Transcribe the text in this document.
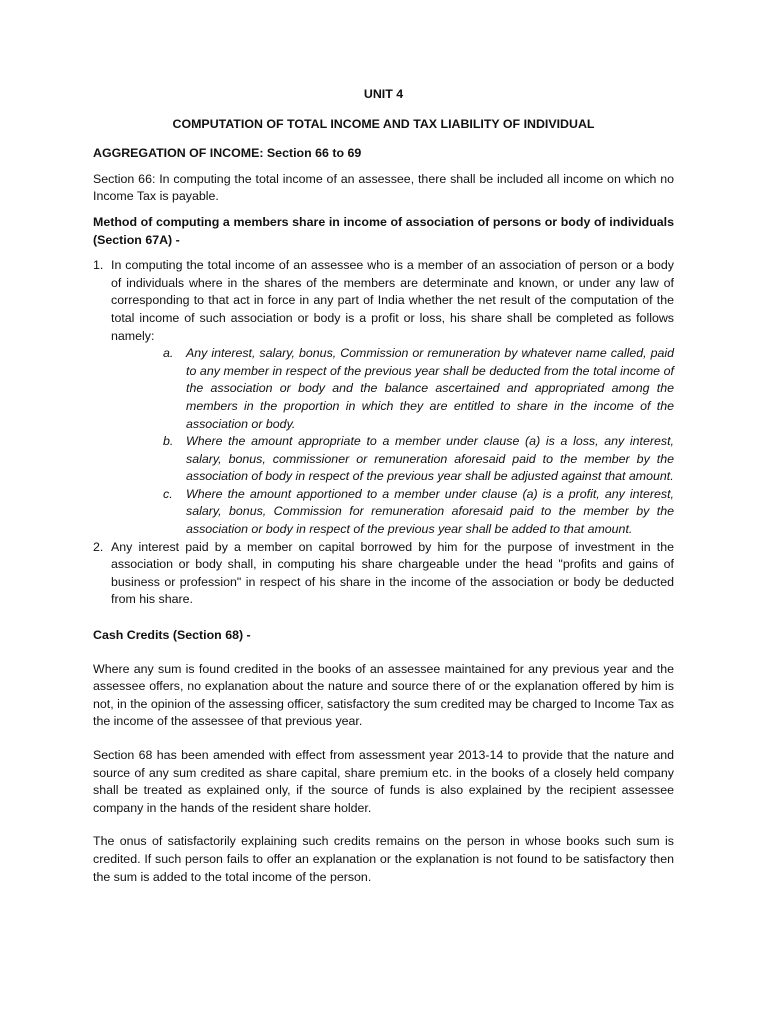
UNIT 4
COMPUTATION OF TOTAL INCOME AND TAX LIABILITY OF INDIVIDUAL
AGGREGATION OF INCOME: Section 66 to 69
Section 66: In computing the total income of an assessee, there shall be included all income on which no Income Tax is payable.
Method of computing a members share in income of association of persons or body of individuals (Section 67A) -
1. In computing the total income of an assessee who is a member of an association of person or a body of individuals where in the shares of the members are determinate and known, or under any law of corresponding to that act in force in any part of India whether the net result of the computation of the total income of such association or body is a profit or loss, his share shall be completed as follows namely:
a. Any interest, salary, bonus, Commission or remuneration by whatever name called, paid to any member in respect of the previous year shall be deducted from the total income of the association or body and the balance ascertained and appropriated among the members in the proportion in which they are entitled to share in the income of the association or body.
b. Where the amount appropriate to a member under clause (a) is a loss, any interest, salary, bonus, commissioner or remuneration aforesaid paid to the member by the association of body in respect of the previous year shall be adjusted against that amount.
c. Where the amount apportioned to a member under clause (a) is a profit, any interest, salary, bonus, Commission for remuneration aforesaid paid to the member by the association or body in respect of the previous year shall be added to that amount.
2. Any interest paid by a member on capital borrowed by him for the purpose of investment in the association or body shall, in computing his share chargeable under the head "profits and gains of business or profession" in respect of his share in the income of the association or body be deducted from his share.
Cash Credits (Section 68) -
Where any sum is found credited in the books of an assessee maintained for any previous year and the assessee offers, no explanation about the nature and source there of or the explanation offered by him is not, in the opinion of the assessing officer, satisfactory the sum credited may be charged to Income Tax as the income of the assessee of that previous year.
Section 68 has been amended with effect from assessment year 2013-14 to provide that the nature and source of any sum credited as share capital, share premium etc. in the books of a closely held company shall be treated as explained only, if the source of funds is also explained by the recipient assessee company in the hands of the resident share holder.
The onus of satisfactorily explaining such credits remains on the person in whose books such sum is credited. If such person fails to offer an explanation or the explanation is not found to be satisfactory then the sum is added to the total income of the person.
